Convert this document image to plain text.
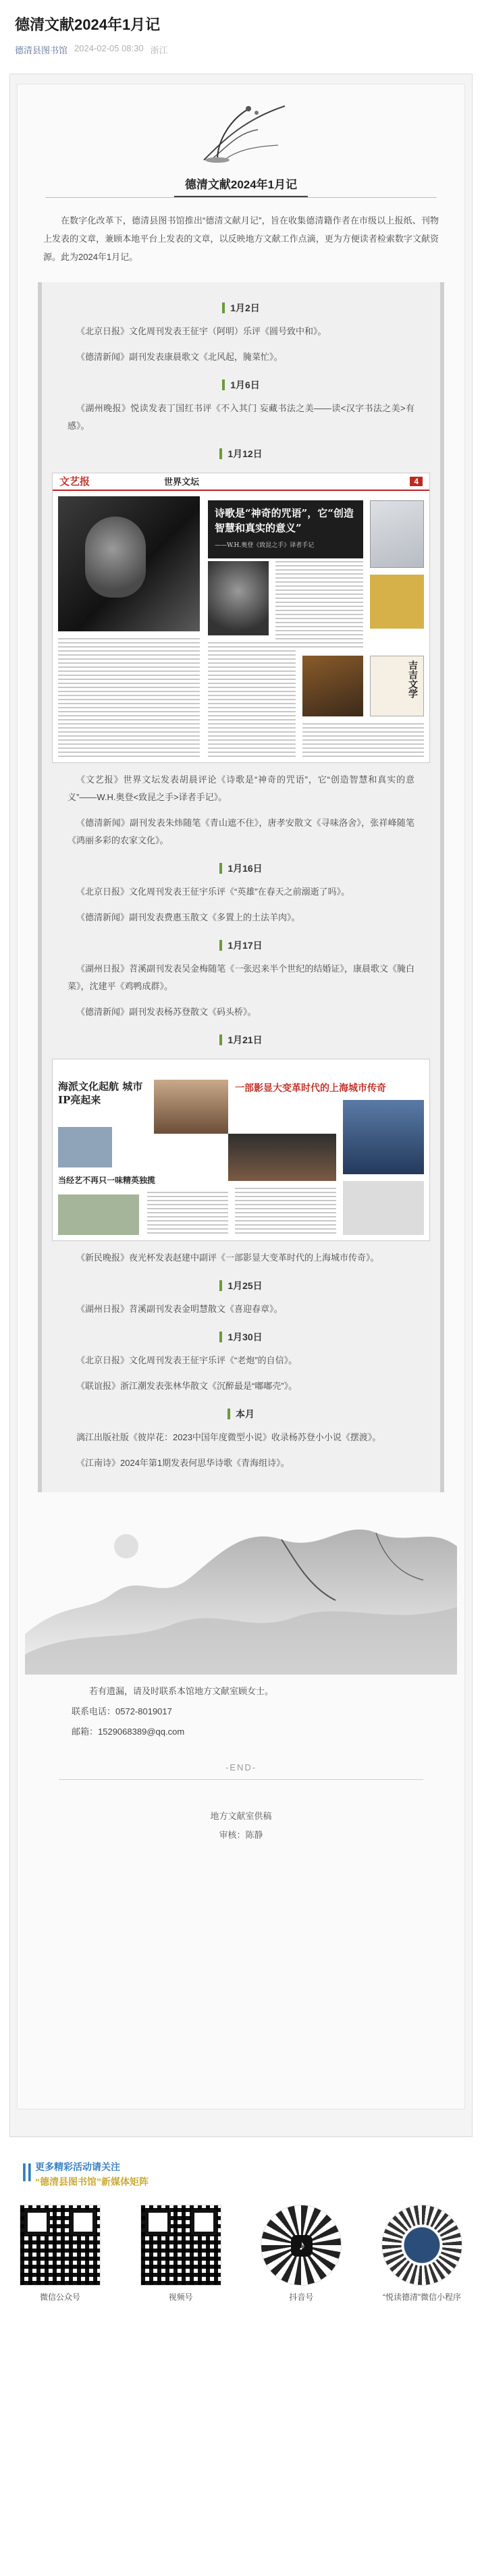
德清文献2024年1月记
德清县图书馆 2024-02-05 08:30 浙江
德清文献2024年1月记

在数字化改革下，德清县图书馆推出“德清文献月记”，旨在收集德清籍作者在市级以上报纸、刊物上发表的文章，兼顾本地平台上发表的文章，以反映地方文献工作点滴，更为方便读者检索数字文献资源。此为2024年1月记。

1月2日

《北京日报》文化周刊发表王征宇（阿明）乐评《圆号致中和》。

《德清新闻》副刊发表康晨歌文《北风起，腌菜忙》。

1月6日

《湖州晚报》悦读发表丁国红书评《不入其门 妄藏书法之美——读<汉字书法之美>有感》。

1月12日
文艺报	世界文坛	4
诗歌是“神奇的咒语”，它“创造智慧和真实的意义”
——W.H.奥登《致昆之手》译者手记
吉吉文学

《文艺报》世界文坛发表胡晨评论《诗歌是“神奇的咒语”，它“创造智慧和真实的意义”——W.H.奥登<致昆之手>译者手记》。

《德清新闻》副刊发表朱炜随笔《青山遮不住》，唐孝安散文《寻味洛舍》，张祥峰随笔《鸿丽多彩的农家文化》。

1月16日

《北京日报》文化周刊发表王征宇乐评《“英雄”在春天之前溺逝了吗》。

《德清新闻》副刊发表费惠玉散文《多置上的土法羊肉》。

1月17日

《湖州日报》苕溪副刊发表吴金梅随笔《一张迟来半个世纪的结婚证》，康晨歌文《腌白菜》，沈建平《鸡鸭成群》。

《德清新闻》副刊发表杨苏登散文《码头桥》。

1月21日
海派文化起航 城市IP亮起来
一部影显大变革时代的上海城市传奇
当经艺不再只一味精英独揽

《新民晚报》夜光杯发表赵建中副评《一部影显大变革时代的上海城市传奇》。

1月25日

《湖州日报》苕溪副刊发表金明慧散文《喜迎春章》。

1月30日

《北京日报》文化周刊发表王征宇乐评《“老炮”的自信》。

《联谊报》浙江潮发表张林华散文《沉醉最是“嘟嘟壳”》。

本月

漓江出版社版《彼岸花：2023中国年度微型小说》收录杨苏登小小说《摆渡》。

《江南诗》2024年第1期发表何思华诗歌《青海组诗》。

若有遗漏，请及时联系本馆地方文献室顾女士。

联系电话：0572-8019017

邮箱：1529068389@qq.com

-END-

地方文献室供稿

审核：陈静

|| 更多精彩活动请关注

“德清县图书馆”新媒体矩阵

微信公众号	视频号

♪

抖音号	“悦读德清”微信小程序
